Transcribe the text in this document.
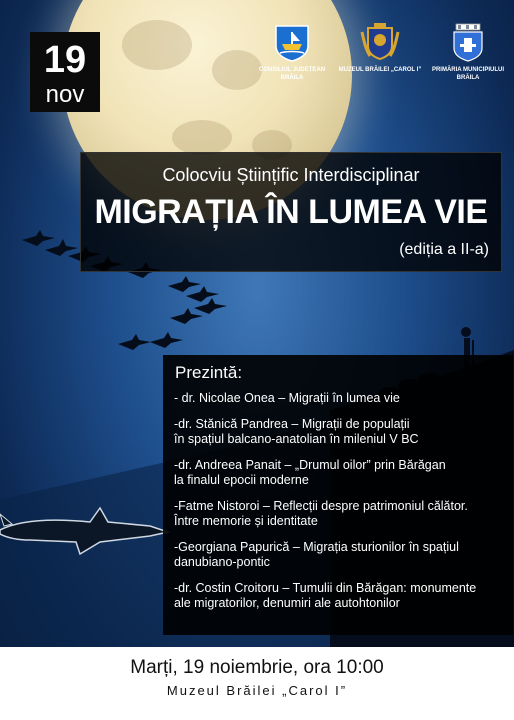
19
nov
CONSILIUL JUDEȚEAN BRĂILA
MUZEUL BRĂILEI „CAROL I”	PRIMĂRIA MUNICIPIULUI BRĂILA
Colocviu Științific Interdisciplinar
MIGRAȚIA ÎN LUMEA VIE
(ediția a II-a)
Prezintă:
- dr. Nicolae Onea – Migrații în lumea vie
-dr. Stănică Pandrea – Migrații de populații
în spațiul balcano-anatolian în mileniul V BC
-dr. Andreea Panait – „Drumul oilor” prin Bărăgan
la finalul epocii moderne
-Fatme Nistoroi – Reflecții despre patrimoniul călător.
Între memorie și identitate
-Georgiana Papurică – Migrația sturionilor în spațiul
danubiano-pontic
-dr. Costin Croitoru – Tumulii din Bărăgan: monumente
ale migratorilor, denumiri ale autohtonilor
Marți, 19 noiembrie, ora 10:00
Muzeul Brăilei „Carol I”
